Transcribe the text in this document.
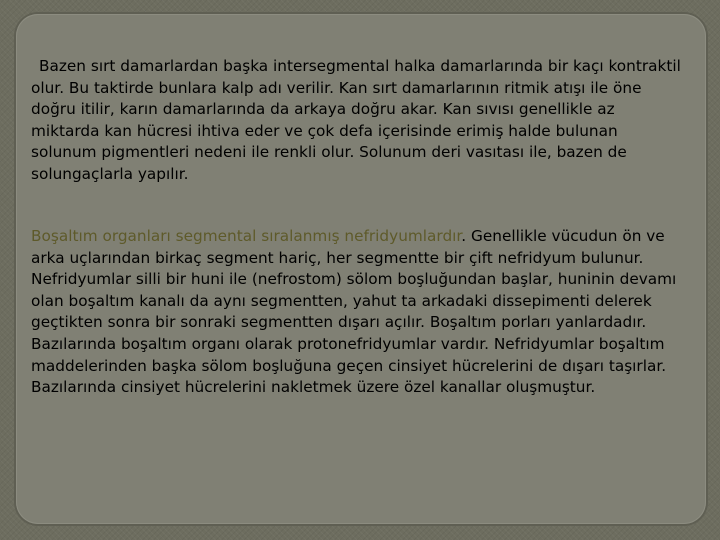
Bazen sırt damarlardan başka intersegmental halka damarlarında bir kaçı kontraktil olur. Bu taktirde bunlara kalp adı verilir. Kan sırt damarlarının ritmik atışı ile öne doğru itilir, karın damarlarında da arkaya doğru akar. Kan sıvısı genellikle az miktarda kan hücresi ihtiva eder ve çok defa içerisinde erimiş halde bulunan solunum pigmentleri nedeni ile renkli olur. Solunum deri vasıtası ile, bazen de solungaçlarla yapılır.

Boşaltım organları segmental sıralanmış nefridyumlardır. Genellikle vücudun ön ve arka uçlarından birkaç segment hariç, her segmentte bir çift nefridyum bulunur. Nefridyumlar silli bir huni ile (nefrostom) sölom boşluğundan başlar, huninin devamı olan boşaltım kanalı da aynı segmentten, yahut ta arkadaki dissepimenti delerek geçtikten sonra bir sonraki segmentten dışarı açılır. Boşaltım porları yanlardadır. Bazılarında boşaltım organı olarak protonefridyumlar vardır. Nefridyumlar boşaltım maddelerinden başka sölom boşluğuna geçen cinsiyet hücrelerini de dışarı taşırlar. Bazılarında cinsiyet hücrelerini nakletmek üzere özel kanallar oluşmuştur.
